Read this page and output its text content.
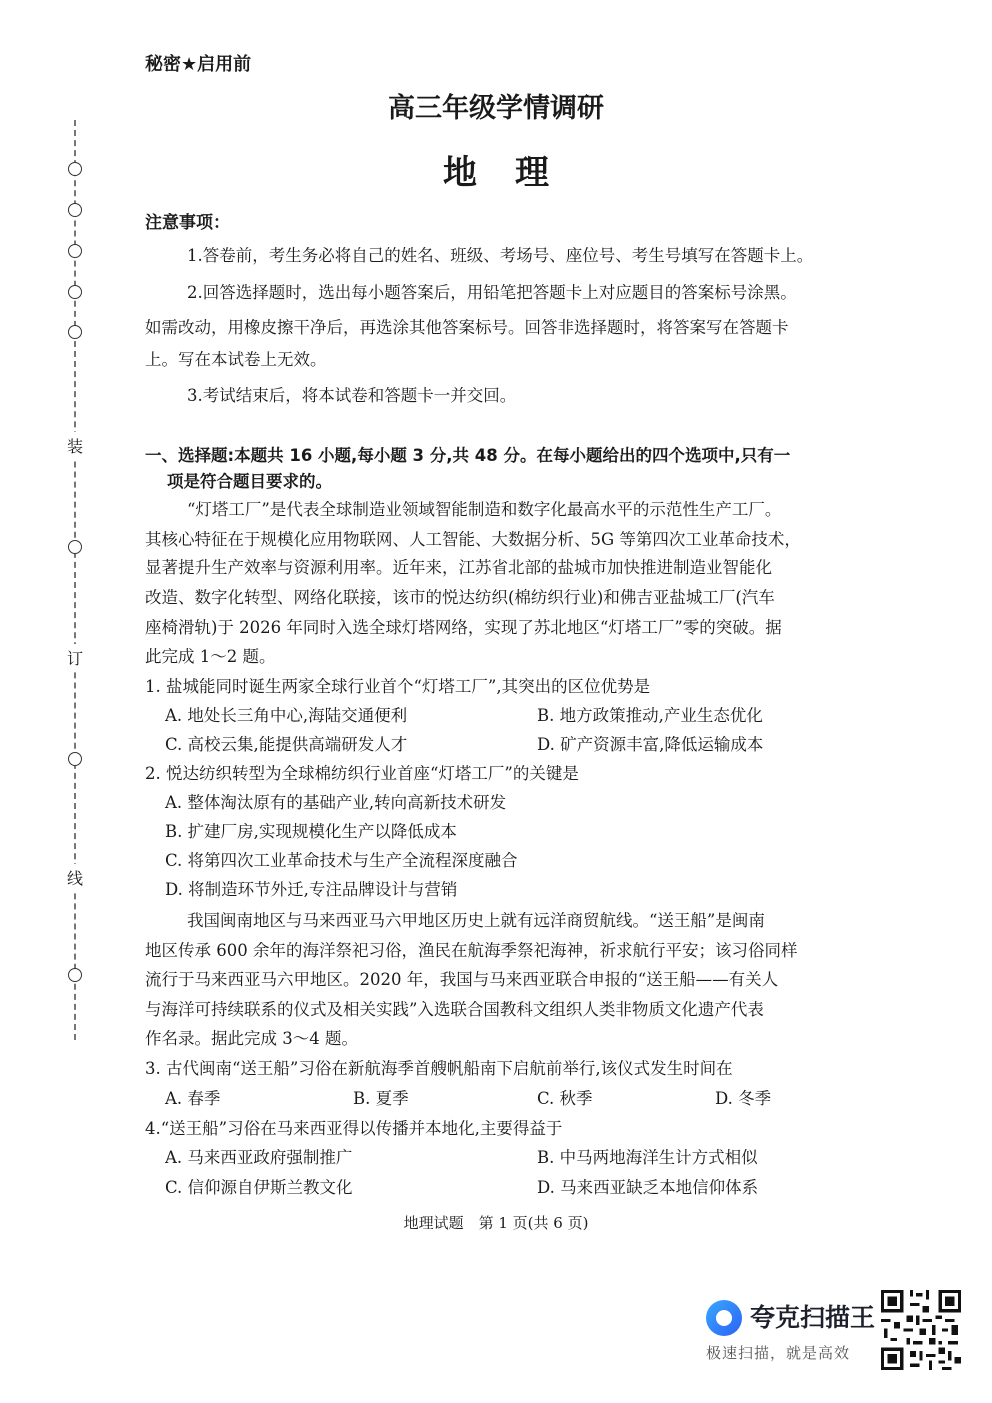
装
订
线
秘密★启用前
高三年级学情调研
地理
注意事项：
1.答卷前，考生务必将自己的姓名、班级、考场号、座位号、考生号填写在答题卡上。
2.回答选择题时，选出每小题答案后，用铅笔把答题卡上对应题目的答案标号涂黑。
如需改动，用橡皮擦干净后，再选涂其他答案标号。回答非选择题时，将答案写在答题卡
上。写在本试卷上无效。
3.考试结束后，将本试卷和答题卡一并交回。
一、选择题:本题共 16 小题,每小题 3 分,共 48 分。在每小题给出的四个选项中,只有一
项是符合题目要求的。
“灯塔工厂”是代表全球制造业领域智能制造和数字化最高水平的示范性生产工厂。
其核心特征在于规模化应用物联网、人工智能、大数据分析、5G 等第四次工业革命技术，
显著提升生产效率与资源利用率。近年来，江苏省北部的盐城市加快推进制造业智能化
改造、数字化转型、网络化联接，该市的悦达纺织(棉纺织行业)和佛吉亚盐城工厂(汽车
座椅滑轨)于 2026 年同时入选全球灯塔网络，实现了苏北地区“灯塔工厂”零的突破。据
此完成 1～2 题。
1. 盐城能同时诞生两家全球行业首个“灯塔工厂”,其突出的区位优势是
A. 地处长三角中心,海陆交通便利	B. 地方政策推动,产业生态优化
C. 高校云集,能提供高端研发人才	D. 矿产资源丰富,降低运输成本
2. 悦达纺织转型为全球棉纺织行业首座“灯塔工厂”的关键是
A. 整体淘汰原有的基础产业,转向高新技术研发
B. 扩建厂房,实现规模化生产以降低成本
C. 将第四次工业革命技术与生产全流程深度融合
D. 将制造环节外迁,专注品牌设计与营销
我国闽南地区与马来西亚马六甲地区历史上就有远洋商贸航线。“送王船”是闽南
地区传承 600 余年的海洋祭祀习俗，渔民在航海季祭祀海神，祈求航行平安；该习俗同样
流行于马来西亚马六甲地区。2020 年，我国与马来西亚联合申报的“送王船——有关人
与海洋可持续联系的仪式及相关实践”入选联合国教科文组织人类非物质文化遗产代表
作名录。据此完成 3～4 题。
3. 古代闽南“送王船”习俗在新航海季首艘帆船南下启航前举行,该仪式发生时间在
A. 春季	B. 夏季	C. 秋季	D. 冬季
4.“送王船”习俗在马来西亚得以传播并本地化,主要得益于
A. 马来西亚政府强制推广	B. 中马两地海洋生计方式相似
C. 信仰源自伊斯兰教文化	D. 马来西亚缺乏本地信仰体系
地理试题　第 1 页(共 6 页)
夸克扫描王
极速扫描，就是高效
